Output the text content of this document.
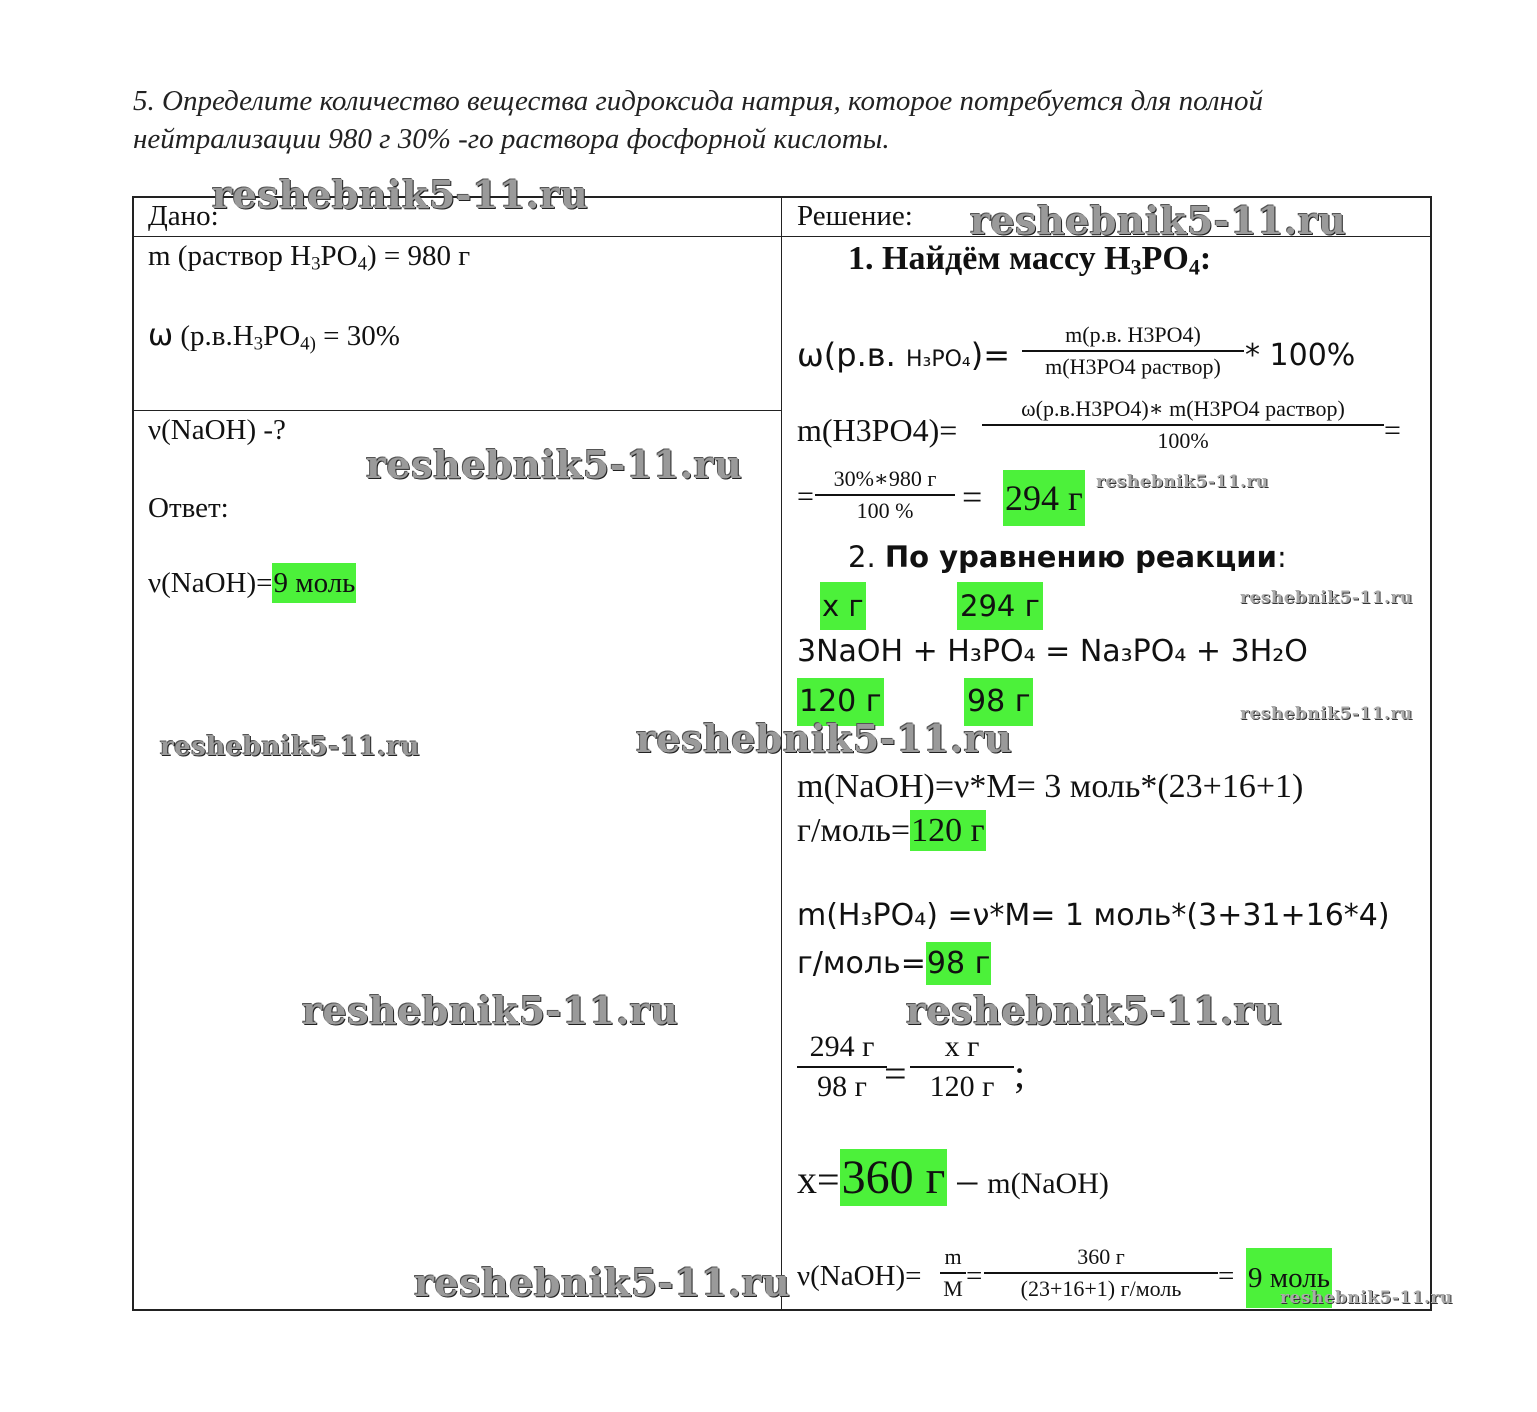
5. Определите количество вещества гидроксида натрия, которое потребуется для полной нейтрализации 980 г 30% -го раствора фосфорной кислоты.
Дано:
m (раствор $H_3PO_4) = 980$ г
ω ($р.в.H_3PO_{4)} = 30\%$
ν(NaOH) -?
Ответ:
ν(NaOH)=9 моль
Решение:
1. Найдём массу $H_3PO_4$:
ω(р.в. H₃PO₄)=
m(р.в. H3PO4)
m(H3PO4 раствор) * 100%
m(H3PO4)=
ω(р.в.H3PO4)∗ m(H3PO4 раствор)
100%	=
=
30%∗980 г
100 %	= 294 г
2. По уравнению реакции:
x г	294 г
3NaOH + H₃PO₄ = Na₃PO₄ + 3H₂O
120 г	98 г
m(NaOH)=ν*M= 3 моль*(23+16+1)
г/моль=120 г
m(H₃PO₄) =ν*M= 1 моль*(3+31+16*4)
г/моль=98 г
294 г
98 г =
x г
120 г ;
x=360 г – m(NaOH)
ν(NaOH)=
m
M =
360 г
(23+16+1) г/моль	= 9 моль
reshebnik5-11.ru
reshebnik5-11.ru
reshebnik5-11.ru	reshebnik5-11.ru
reshebnik5-11.ru
reshebnik5-11.ru
reshebnik5-11.ru
reshebnik5-11.ru
reshebnik5-11.ru	reshebnik5-11.ru
reshebnik5-11.ru	reshebnik5-11.ru
